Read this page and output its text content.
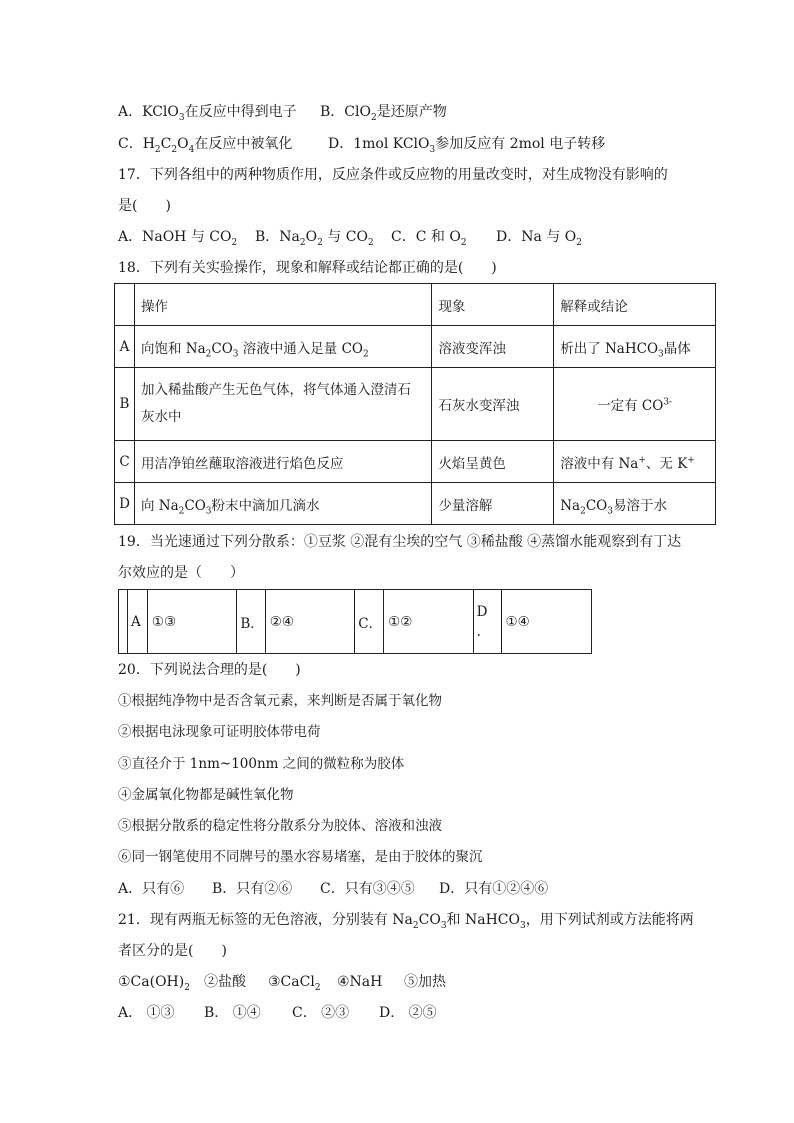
A．KClO$_3$在反应中得到电子 B．ClO$_2$是还原产物
C．$H_2C_2O_4$在反应中被氧化	D．1mol KClO$_3$参加反应有 2mol 电子转移
17．下列各组中的两种物质作用，反应条件或反应物的用量改变时，对生成物没有影响的
是(　　)
A．NaOH 与 $CO_2$ B．$Na_2O_2$ 与 $CO_2$ C．C 和 $O_2$ D．Na 与 $O_2$
18．下列有关实验操作，现象和解释或结论都正确的是(　　)
	操作	现象	解释或结论
A	向饱和 $Na_2CO_3$ 溶液中通入足量 $CO_2$	溶液变浑浊	析出了 NaHCO$_3$晶体
B	加入稀盐酸产生无色气体，将气体通入澄清石
灰水中	石灰水变浑浊	一定有 $CO^{3-}$
C	用洁净铂丝蘸取溶液进行焰色反应	火焰呈黄色	溶液中有 Na+、无 K+
D	向 $Na_2CO_3$粉末中滴加几滴水	少量溶解	$Na_2CO_3$易溶于水
19．当光速通过下列分散系：①豆浆 ②混有尘埃的空气 ③稀盐酸 ④蒸馏水能观察到有丁达
尔效应的是（　　）
	A	①③	B．	②④	C．	①②	D
.	①④
20．下列说法合理的是(　　)
①根据纯净物中是否含氧元素，来判断是否属于氧化物
②根据电泳现象可证明胶体带电荷
③直径介于 1nm~100nm 之间的微粒称为胶体
④金属氧化物都是碱性氧化物
⑤根据分散系的稳定性将分散系分为胶体、溶液和浊液
⑥同一钢笔使用不同牌号的墨水容易堵塞，是由于胶体的聚沉
A．只有⑥ B．只有②⑥ C．只有③④⑤ D．只有①②④⑥
21．现有两瓶无标签的无色溶液，分别装有 $Na_2CO_3$和 NaHCO$_3$，用下列试剂或方法能将两
者区分的是(　　)
$①Ca(OH)_2$ ②盐酸 ③CaCl$_2$ ④NaH ⑤加热
A． ①③ B． ①④ C． ②③ D． ②⑤
